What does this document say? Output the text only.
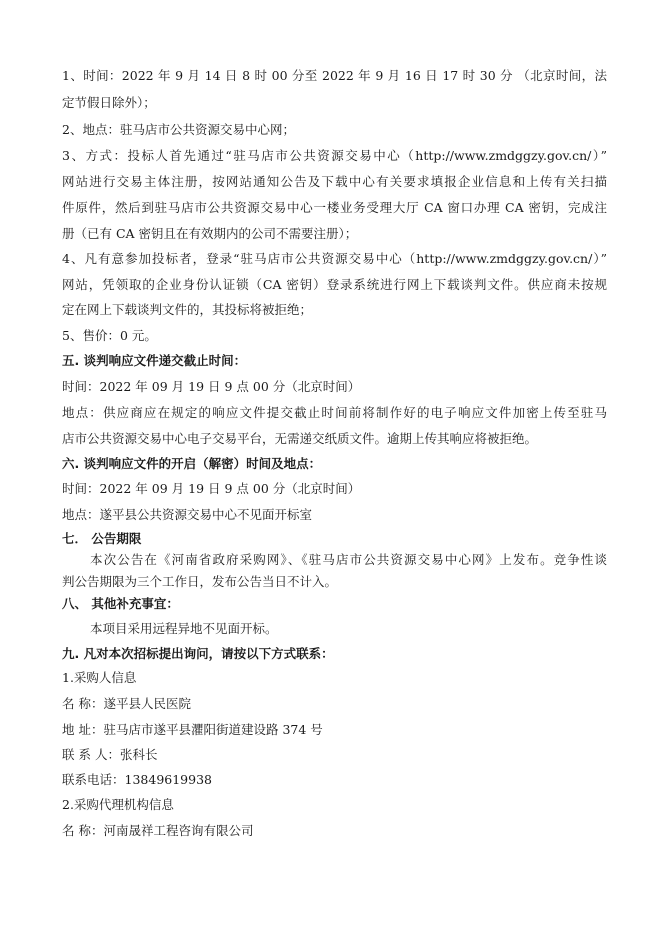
1、时间：2022 年 9 月 14 日 8 时 00 分至 2022 年 9 月 16 日 17 时 30 分 （北京时间，法
定节假日除外）；
2、地点：驻马店市公共资源交易中心网；
3、方式：投标人首先通过“驻马店市公共资源交易中心（http://www.zmdggzy.gov.cn/）”
网站进行交易主体注册，按网站通知公告及下载中心有关要求填报企业信息和上传有关扫描
件原件，然后到驻马店市公共资源交易中心一楼业务受理大厅 CA 窗口办理 CA 密钥，完成注
册（已有 CA 密钥且在有效期内的公司不需要注册）；
4、凡有意参加投标者，登录“驻马店市公共资源交易中心（http://www.zmdggzy.gov.cn/）”
网站，凭领取的企业身份认证锁（CA 密钥）登录系统进行网上下载谈判文件。供应商未按规
定在网上下载谈判文件的，其投标将被拒绝；
5、售价：0 元。
五. 谈判响应文件递交截止时间：
时间：2022 年 09 月 19 日 9 点 00 分（北京时间）
地点：供应商应在规定的响应文件提交截止时间前将制作好的电子响应文件加密上传至驻马
店市公共资源交易中心电子交易平台，无需递交纸质文件。逾期上传其响应将被拒绝。
六. 谈判响应文件的开启（解密）时间及地点：
时间：2022 年 09 月 19 日 9 点 00 分（北京时间）
地点：遂平县公共资源交易中心不见面开标室
七． 公告期限
本次公告在《河南省政府采购网》、《驻马店市公共资源交易中心网》上发布。竞争性谈
判公告期限为三个工作日，发布公告当日不计入。
八、 其他补充事宜：
本项目采用远程异地不见面开标。
九. 凡对本次招标提出询问，请按以下方式联系：
1.采购人信息
名 称：遂平县人民医院
地 址：驻马店市遂平县灈阳街道建设路 374 号
联 系 人：张科长
联系电话：13849619938
2.采购代理机构信息
名 称：河南晟祥工程咨询有限公司
